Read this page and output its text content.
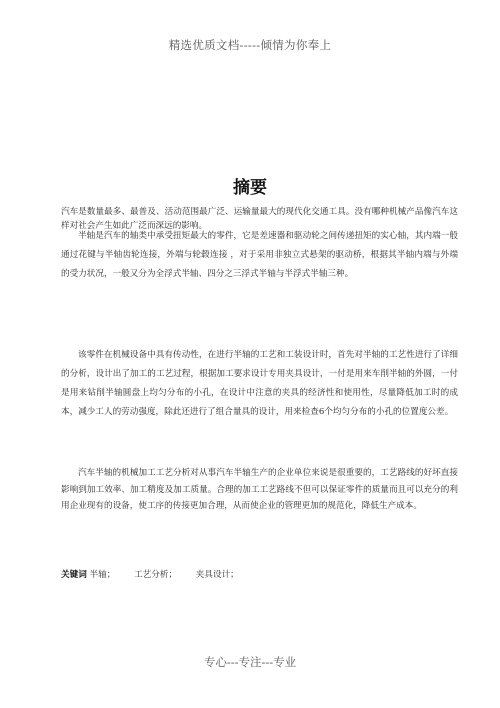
精选优质文档-----倾情为你奉上
摘要
汽车是数量最多、最普及、活动范围最广泛、运输量最大的现代化交通工具。没有哪种机械产品像汽车这样对社会产生如此广泛而深远的影响。
半轴是汽车的轴类中承受扭矩最大的零件，它是差速器和驱动轮之间传递扭矩的实心轴，其内端一般通过花键与半轴齿轮连接，外端与轮毂连接 ，对于采用非独立式悬架的驱动桥，根据其半轴内端与外端的受力状况，一般又分为全浮式半轴、四分之三浮式半轴与半浮式半轴三种。
该零件在机械设备中具有传动性，在进行半轴的工艺和工装设计时，首先对半轴的工艺性进行了详细的分析，设计出了加工的工艺过程，根据加工要求设计专用夹具设计，一付是用来车削半轴的外圆，一付是用来钻削半轴圆盘上均匀分布的小孔，在设计中注意的夹具的经济性和使用性，尽量降低加工时的成本，减少工人的劳动强度，除此还进行了组合量具的设计，用来检查6个均匀分布的小孔的位置度公差。
汽车半轴的机械加工工艺分析对从事汽车半轴生产的企业单位来说是很重要的，工艺路线的好坏直接影响到加工效率、加工精度及加工质量。合理的加工工艺路线不但可以保证零件的质量而且可以充分的利用企业现有的设备，使工序的传接更加合理，从而使企业的管理更加的规范化，降低生产成本。
关键词 半轴； 工艺分析； 夹具设计；
专心---专注---专业
